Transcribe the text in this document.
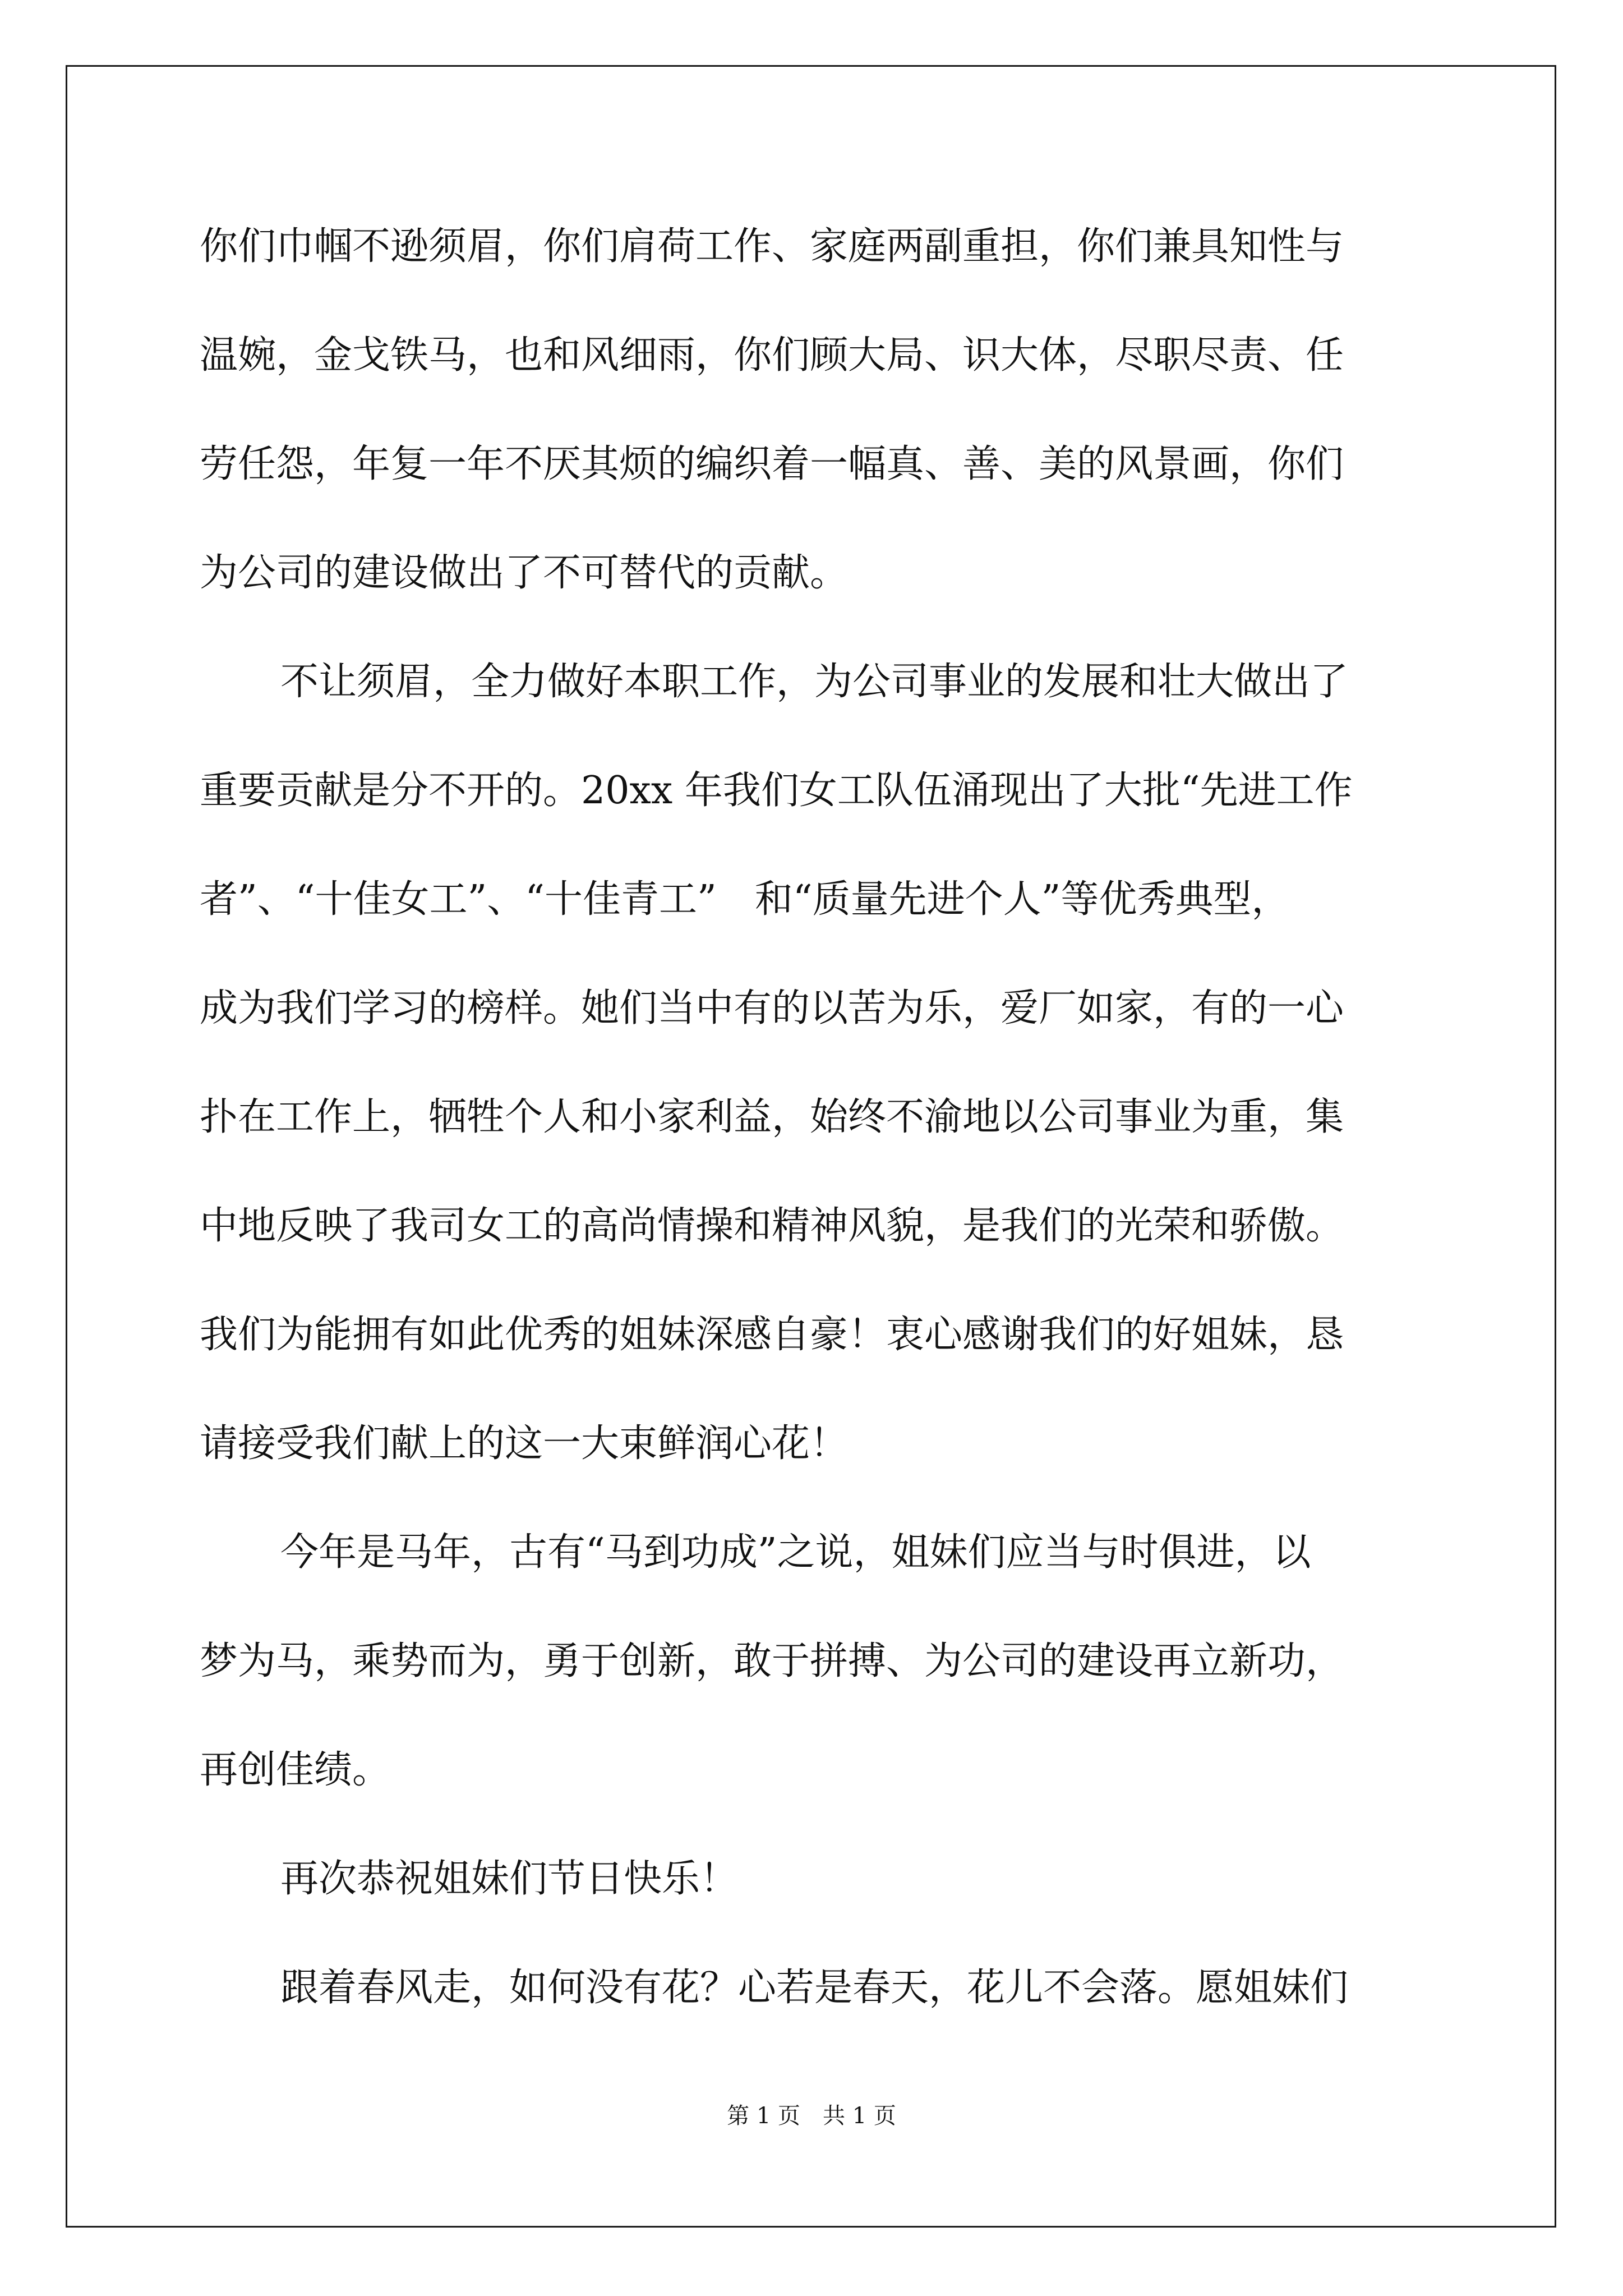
你们巾帼不逊须眉，你们肩荷工作、家庭两副重担，你们兼具知性与
温婉，金戈铁马，也和风细雨，你们顾大局、识大体，尽职尽责、任
劳任怨，年复一年不厌其烦的编织着一幅真、善、美的风景画，你们
为公司的建设做出了不可替代的贡献。
不让须眉，全力做好本职工作，为公司事业的发展和壮大做出了
重要贡献是分不开的。20xx 年我们女工队伍涌现出了大批“先进工作
者”、“十佳女工”、“十佳青工”　和“质量先进个人”等优秀典型，
成为我们学习的榜样。她们当中有的以苦为乐，爱厂如家，有的一心
扑在工作上，牺牲个人和小家利益，始终不渝地以公司事业为重，集
中地反映了我司女工的高尚情操和精神风貌，是我们的光荣和骄傲。
我们为能拥有如此优秀的姐妹深感自豪！衷心感谢我们的好姐妹，恳
请接受我们献上的这一大束鲜润心花！
今年是马年，古有“马到功成”之说，姐妹们应当与时俱进，以
梦为马，乘势而为，勇于创新，敢于拼搏、为公司的建设再立新功，
再创佳绩。
再次恭祝姐妹们节日快乐！
跟着春风走，如何没有花？心若是春天，花儿不会落。愿姐妹们
第 1 页　共 1 页
